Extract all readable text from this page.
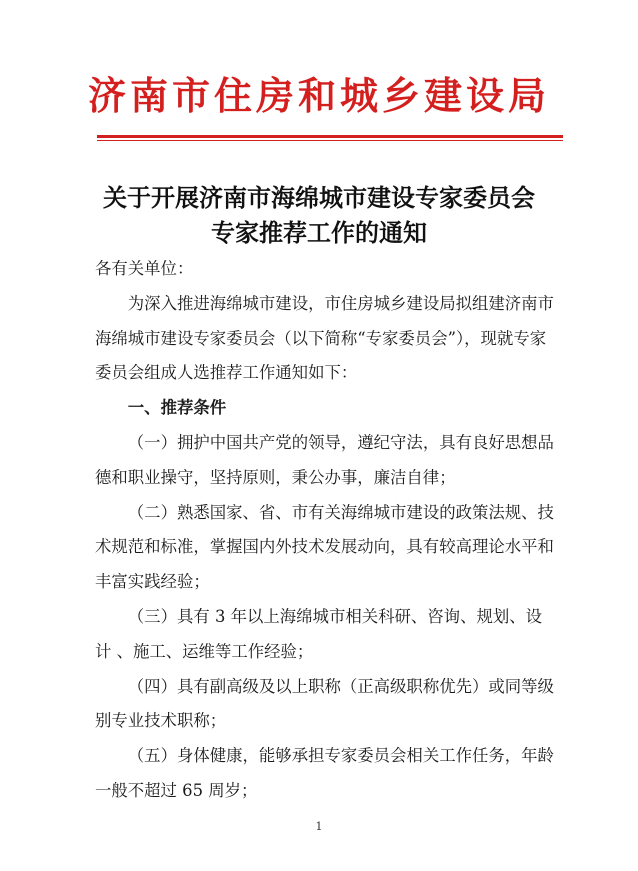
济南市住房和城乡建设局
关于开展济南市海绵城市建设专家委员会
专家推荐工作的通知

各有关单位：

为深入推进海绵城市建设，市住房城乡建设局拟组建济南市海绵城市建设专家委员会（以下简称“专家委员会”），现就专家委员会组成人选推荐工作通知如下：

一、推荐条件

（一）拥护中国共产党的领导，遵纪守法，具有良好思想品德和职业操守，坚持原则，秉公办事，廉洁自律；

（二）熟悉国家、省、市有关海绵城市建设的政策法规、技术规范和标准，掌握国内外技术发展动向，具有较高理论水平和丰富实践经验；

（三）具有 3 年以上海绵城市相关科研、咨询、规划、设计 、施工、运维等工作经验；

（四）具有副高级及以上职称（正高级职称优先）或同等级别专业技术职称；

（五）身体健康，能够承担专家委员会相关工作任务，年龄一般不超过 65 周岁；

1
